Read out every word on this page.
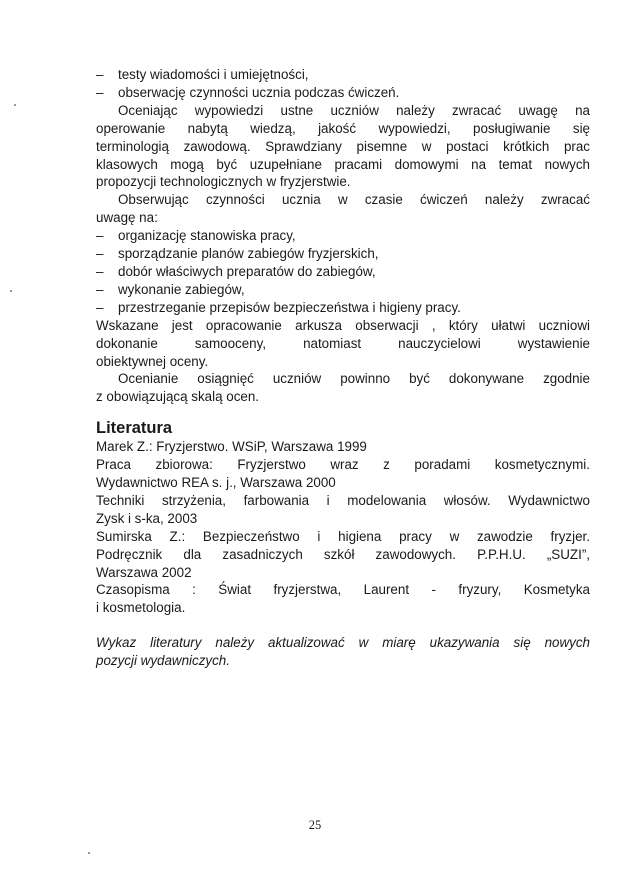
– testy wiadomości i umiejętności,

– obserwację czynności ucznia podczas ćwiczeń.

Oceniając wypowiedzi ustne uczniów należy zwracać uwagę na

operowanie nabytą wiedzą, jakość wypowiedzi, posługiwanie się

terminologią zawodową. Sprawdziany pisemne w postaci krótkich prac

klasowych mogą być uzupełniane pracami domowymi na temat nowych

propozycji technologicznych w fryzjerstwie.

Obserwując czynności ucznia w czasie ćwiczeń należy zwracać

uwagę na:

– organizację stanowiska pracy,

– sporządzanie planów zabiegów fryzjerskich,

– dobór właściwych preparatów do zabiegów,

– wykonanie zabiegów,

– przestrzeganie przepisów bezpieczeństwa i higieny pracy.

Wskazane jest opracowanie arkusza obserwacji , który ułatwi uczniowi

dokonanie samooceny, natomiast nauczycielowi wystawienie

obiektywnej oceny.

Ocenianie osiągnięć uczniów powinno być dokonywane zgodnie

z obowiązującą skalą ocen.

Literatura

Marek Z.: Fryzjerstwo. WSiP, Warszawa 1999

Praca zbiorowa: Fryzjerstwo wraz z poradami kosmetycznymi.

Wydawnictwo REA s. j., Warszawa 2000

Techniki strzyżenia, farbowania i modelowania włosów. Wydawnictwo

Zysk i s-ka, 2003

Sumirska Z.: Bezpieczeństwo i higiena pracy w zawodzie fryzjer.

Podręcznik dla zasadniczych szkół zawodowych. P.P.H.U. „SUZI”,

Warszawa 2002

Czasopisma : Świat fryzjerstwa, Laurent - fryzury, Kosmetyka

i kosmetologia.

Wykaz literatury należy aktualizować w miarę ukazywania się nowych

pozycji wydawniczych.

25
